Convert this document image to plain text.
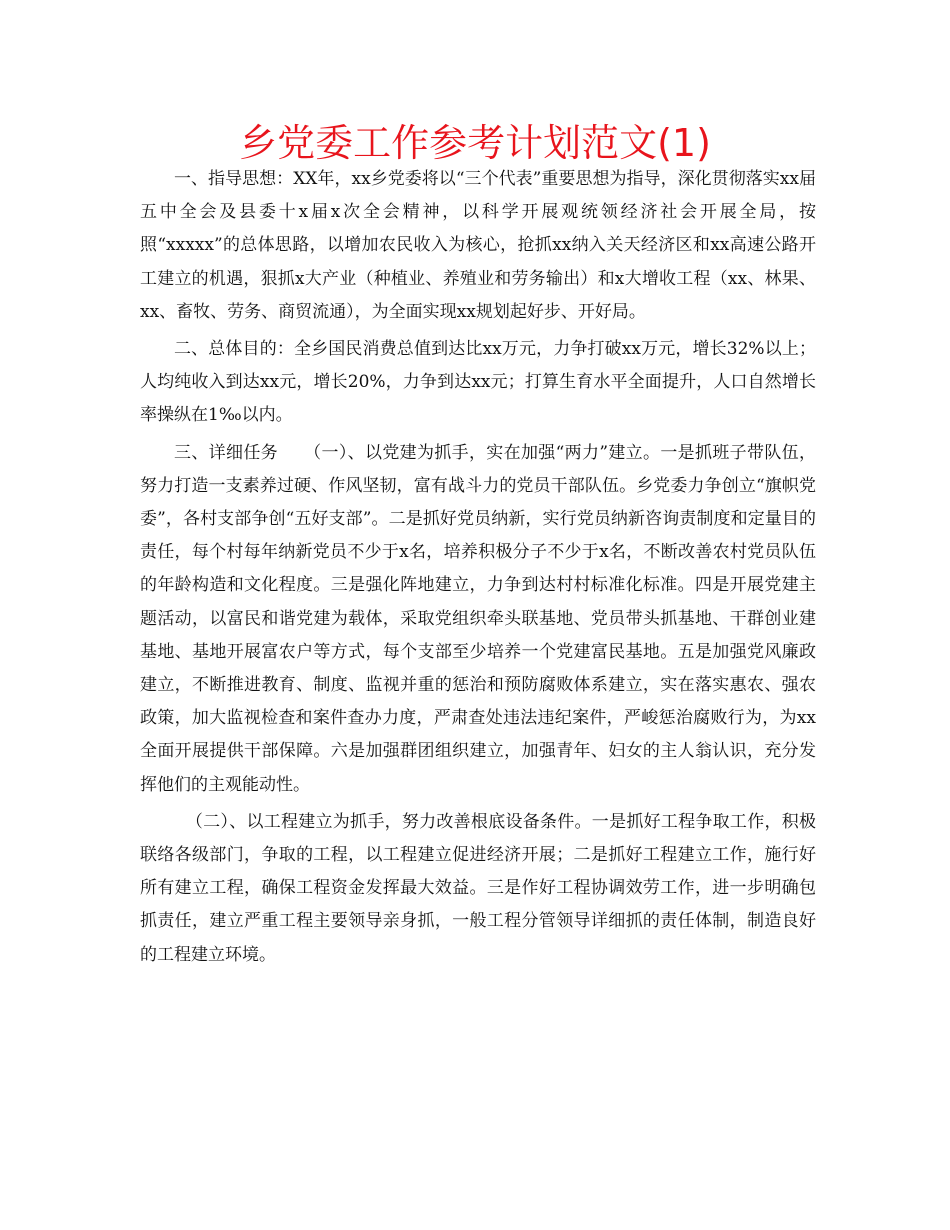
乡党委工作参考计划范文(1)

一、指导思想：XX年，xx乡党委将以“三个代表”重要思想为指导，深化贯彻落实xx届五中全会及县委十x届x次全会精神，以科学开展观统领经济社会开展全局，按照“xxxxx”的总体思路，以增加农民收入为核心，抢抓xx纳入关天经济区和xx高速公路开工建立的机遇，狠抓x大产业（种植业、养殖业和劳务输出）和x大增收工程（xx、林果、xx、畜牧、劳务、商贸流通），为全面实现xx规划起好步、开好局。

二、总体目的：全乡国民消费总值到达比xx万元，力争打破xx万元，增长32%以上；人均纯收入到达xx元，增长20%，力争到达xx元；打算生育水平全面提升，人口自然增长率操纵在1‰以内。

三、详细任务　　（一）、以党建为抓手，实在加强“两力”建立。一是抓班子带队伍，努力打造一支素养过硬、作风坚韧，富有战斗力的党员干部队伍。乡党委力争创立“旗帜党委”，各村支部争创“五好支部”。二是抓好党员纳新，实行党员纳新咨询责制度和定量目的责任，每个村每年纳新党员不少于x名，培养积极分子不少于x名，不断改善农村党员队伍的年龄构造和文化程度。三是强化阵地建立，力争到达村村标准化标准。四是开展党建主题活动，以富民和谐党建为载体，采取党组织牵头联基地、党员带头抓基地、干群创业建基地、基地开展富农户等方式，每个支部至少培养一个党建富民基地。五是加强党风廉政建立，不断推进教育、制度、监视并重的惩治和预防腐败体系建立，实在落实惠农、强农政策，加大监视检查和案件查办力度，严肃查处违法违纪案件，严峻惩治腐败行为，为xx全面开展提供干部保障。六是加强群团组织建立，加强青年、妇女的主人翁认识，充分发挥他们的主观能动性。

（二）、以工程建立为抓手，努力改善根底设备条件。一是抓好工程争取工作，积极联络各级部门，争取的工程，以工程建立促进经济开展；二是抓好工程建立工作，施行好所有建立工程，确保工程资金发挥最大效益。三是作好工程协调效劳工作，进一步明确包抓责任，建立严重工程主要领导亲身抓，一般工程分管领导详细抓的责任体制，制造良好的工程建立环境。
